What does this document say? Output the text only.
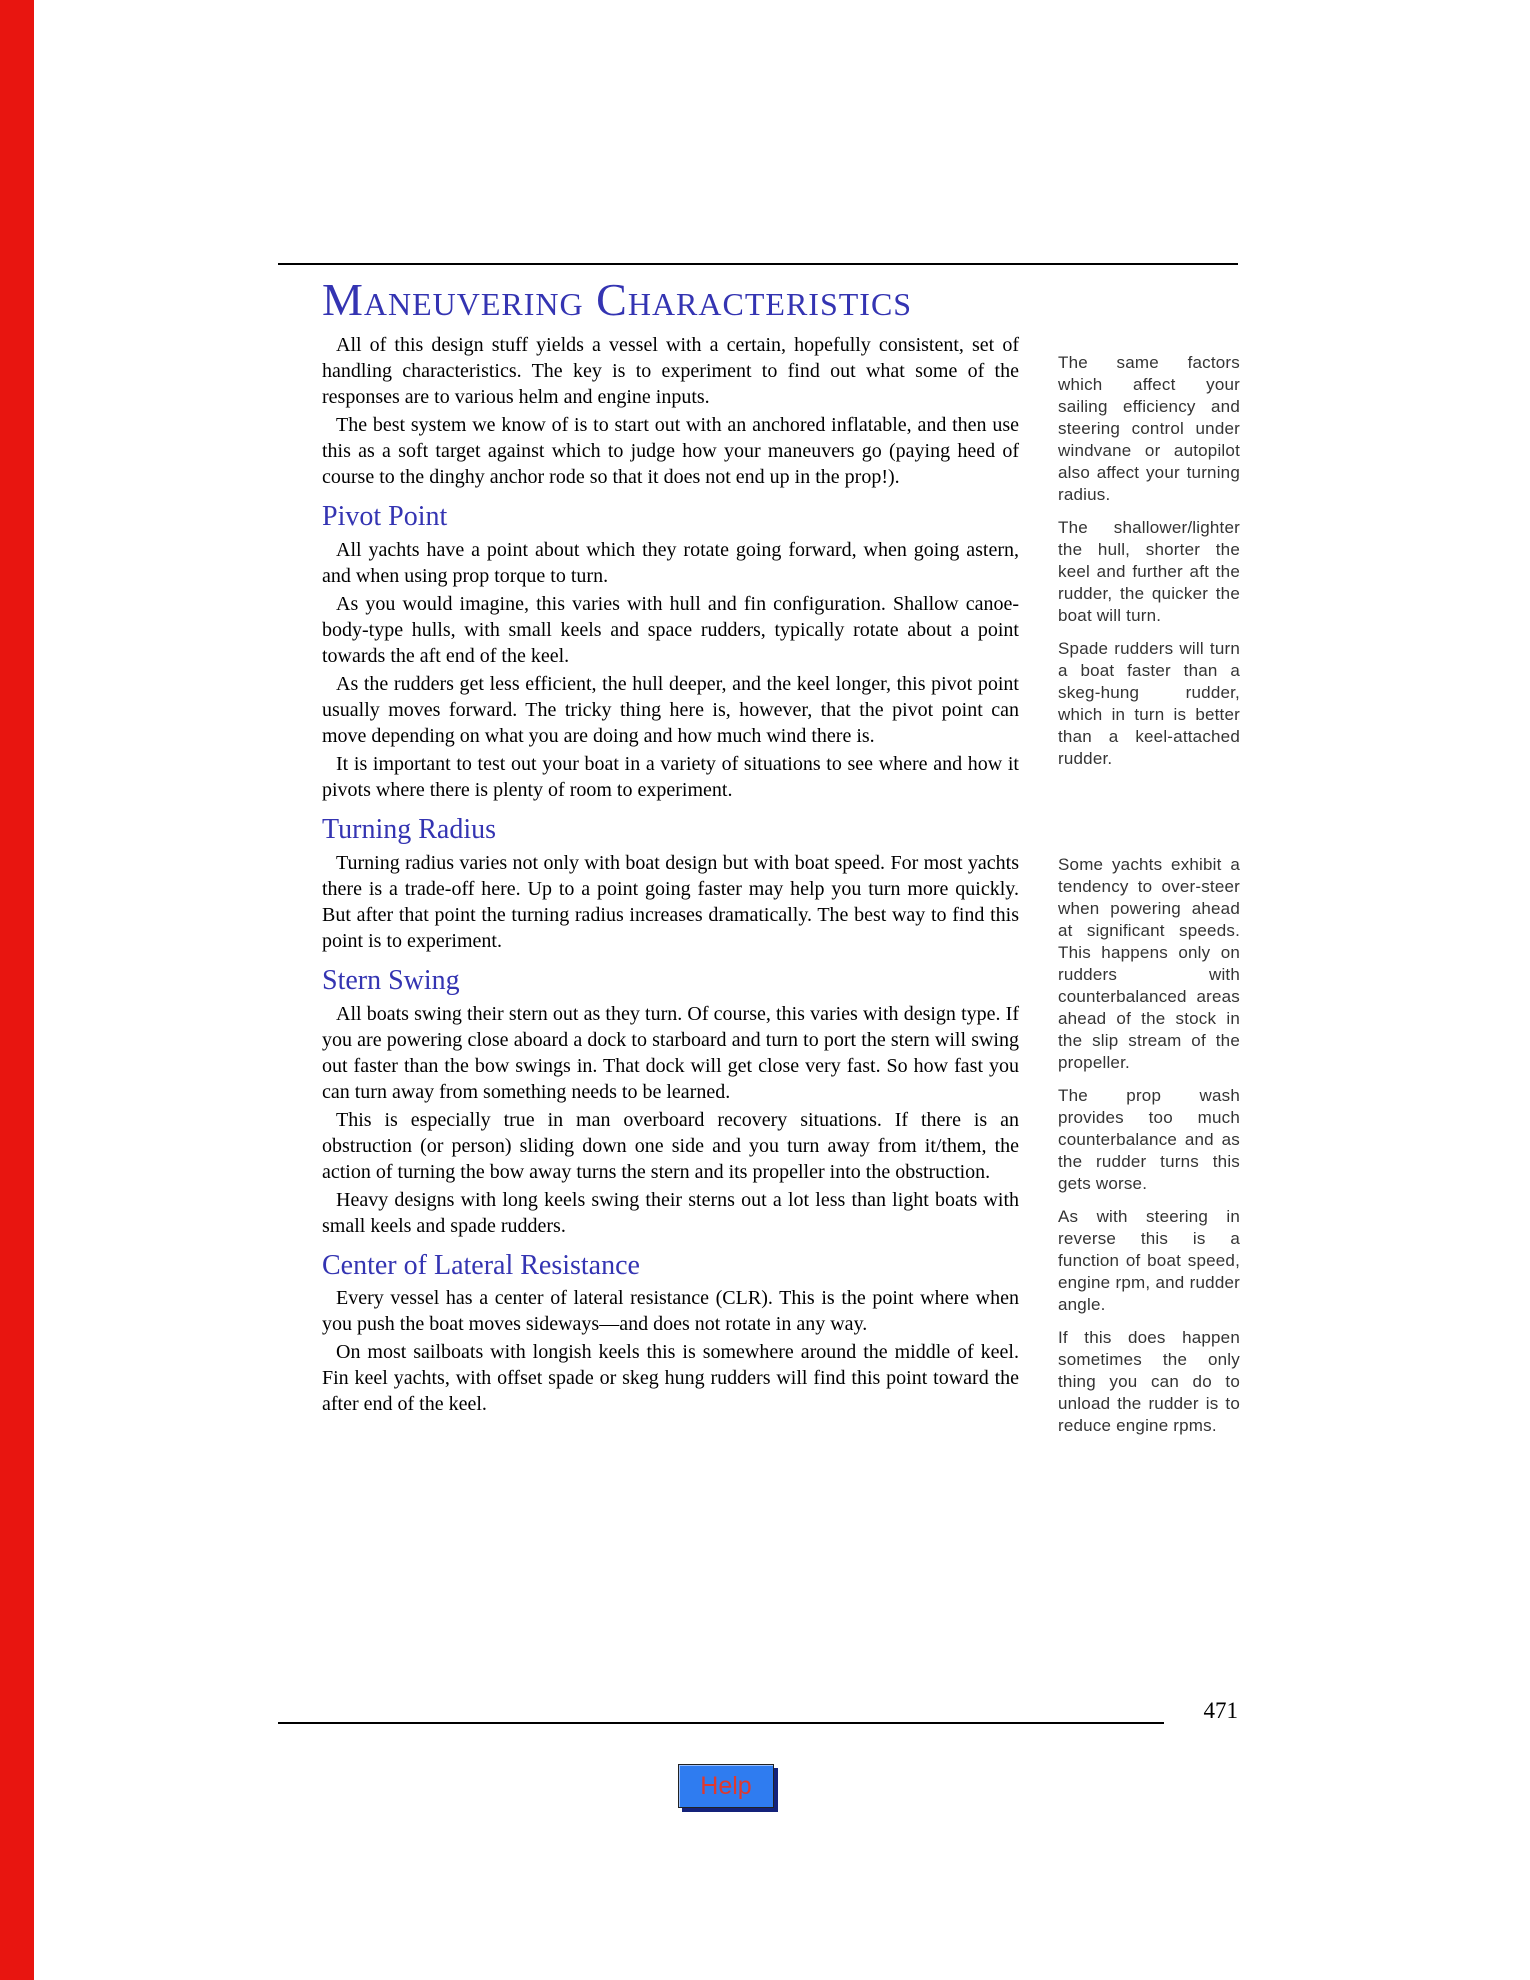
Maneuvering Characteristics

All of this design stuff yields a vessel with a certain, hopefully consistent, set of handling characteristics. The key is to experiment to find out what some of the responses are to various helm and engine inputs.

The best system we know of is to start out with an anchored inflatable, and then use this as a soft target against which to judge how your maneuvers go (paying heed of course to the dinghy anchor rode so that it does not end up in the prop!).

Pivot Point

All yachts have a point about which they rotate going forward, when going astern, and when using prop torque to turn.

As you would imagine, this varies with hull and fin configuration. Shallow canoe-body-type hulls, with small keels and space rudders, typically rotate about a point towards the aft end of the keel.

As the rudders get less efficient, the hull deeper, and the keel longer, this pivot point usually moves forward. The tricky thing here is, however, that the pivot point can move depending on what you are doing and how much wind there is.

It is important to test out your boat in a variety of situations to see where and how it pivots where there is plenty of room to experiment.

Turning Radius

Turning radius varies not only with boat design but with boat speed. For most yachts there is a trade-off here. Up to a point going faster may help you turn more quickly. But after that point the turning radius increases dramatically. The best way to find this point is to experiment.

Stern Swing

All boats swing their stern out as they turn. Of course, this varies with design type. If you are powering close aboard a dock to starboard and turn to port the stern will swing out faster than the bow swings in. That dock will get close very fast. So how fast you can turn away from something needs to be learned.

This is especially true in man overboard recovery situations. If there is an obstruction (or person) sliding down one side and you turn away from it/them, the action of turning the bow away turns the stern and its propeller into the obstruction.

Heavy designs with long keels swing their sterns out a lot less than light boats with small keels and spade rudders.

Center of Lateral Resistance

Every vessel has a center of lateral resistance (CLR). This is the point where when you push the boat moves sideways—and does not rotate in any way.

On most sailboats with longish keels this is somewhere around the middle of keel. Fin keel yachts, with offset spade or skeg hung rudders will find this point toward the after end of the keel.

The same factors which affect your sailing efficiency and steering control under windvane or autopilot also affect your turning radius.

The shallower/lighter the hull, shorter the keel and further aft the rudder, the quicker the boat will turn.

Spade rudders will turn a boat faster than a skeg-hung rudder, which in turn is better than a keel-attached rudder.

Some yachts exhibit a tendency to over-steer when powering ahead at significant speeds. This happens only on rudders with counterbalanced areas ahead of the stock in the slip stream of the propeller.

The prop wash provides too much counterbalance and as the rudder turns this gets worse.

As with steering in reverse this is a function of boat speed, engine rpm, and rudder angle.

If this does happen sometimes the only thing you can do to unload the rudder is to reduce engine rpms.

471
Help
